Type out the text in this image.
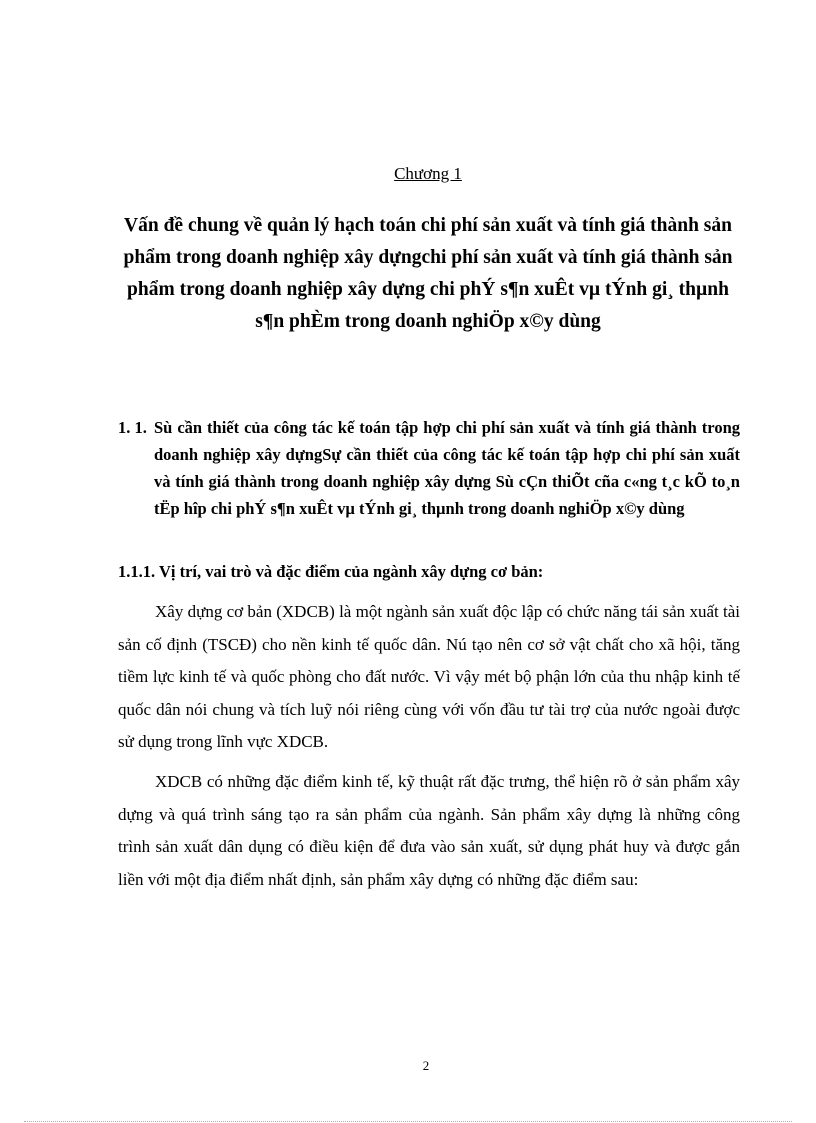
Chương 1
Vấn đề chung về quản lý hạch toán chi phí sản xuất và tính giá thành sản phẩm trong doanh nghiệp xây dựngchi phí sản xuất và tính giá thành sản phẩm trong doanh nghiệp xây dựng chi phÝ s¶n xuÊt vµ tÝnh gi¸ thµnh s¶n phÈm trong doanh nghiÖp x©y dùng
1. 1. Sù cần thiết của công tác kế toán tập hợp chi phí sản xuất và tính giá thành trong doanh nghiệp xây dựngSự cần thiết của công tác kế toán tập hợp chi phí sản xuất và tính giá thành trong doanh nghiệp xây dựng Sù cÇn thiÕt cña c«ng t¸c kÕ to¸n tËp hîp chi phÝ s¶n xuÊt vµ tÝnh gi¸ thµnh trong doanh nghiÖp x©y dùng
1.1.1. Vị trí, vai trò và đặc điểm của ngành xây dựng cơ bản:

Xây dựng cơ bản (XDCB) là một ngành sản xuất độc lập có chức năng tái sản xuất tài sản cố định (TSCĐ) cho nền kinh tế quốc dân. Nú tạo nên cơ sở vật chất cho xã hội, tăng tiềm lực kinh tế và quốc phòng cho đất nước. Vì vậy mét bộ phận lớn của thu nhập kinh tế quốc dân nói chung và tích luỹ nói riêng cùng với vốn đầu tư tài trợ của nước ngoài được sử dụng trong lĩnh vực XDCB.

XDCB có những đặc điểm kinh tế, kỹ thuật rất đặc trưng, thể hiện rõ ở sản phẩm xây dựng và quá trình sáng tạo ra sản phẩm của ngành. Sản phẩm xây dựng là những công trình sản xuất dân dụng có điều kiện để đưa vào sản xuất, sử dụng phát huy và được gắn liền với một địa điểm nhất định, sản phẩm xây dựng có những đặc điểm sau:

2
